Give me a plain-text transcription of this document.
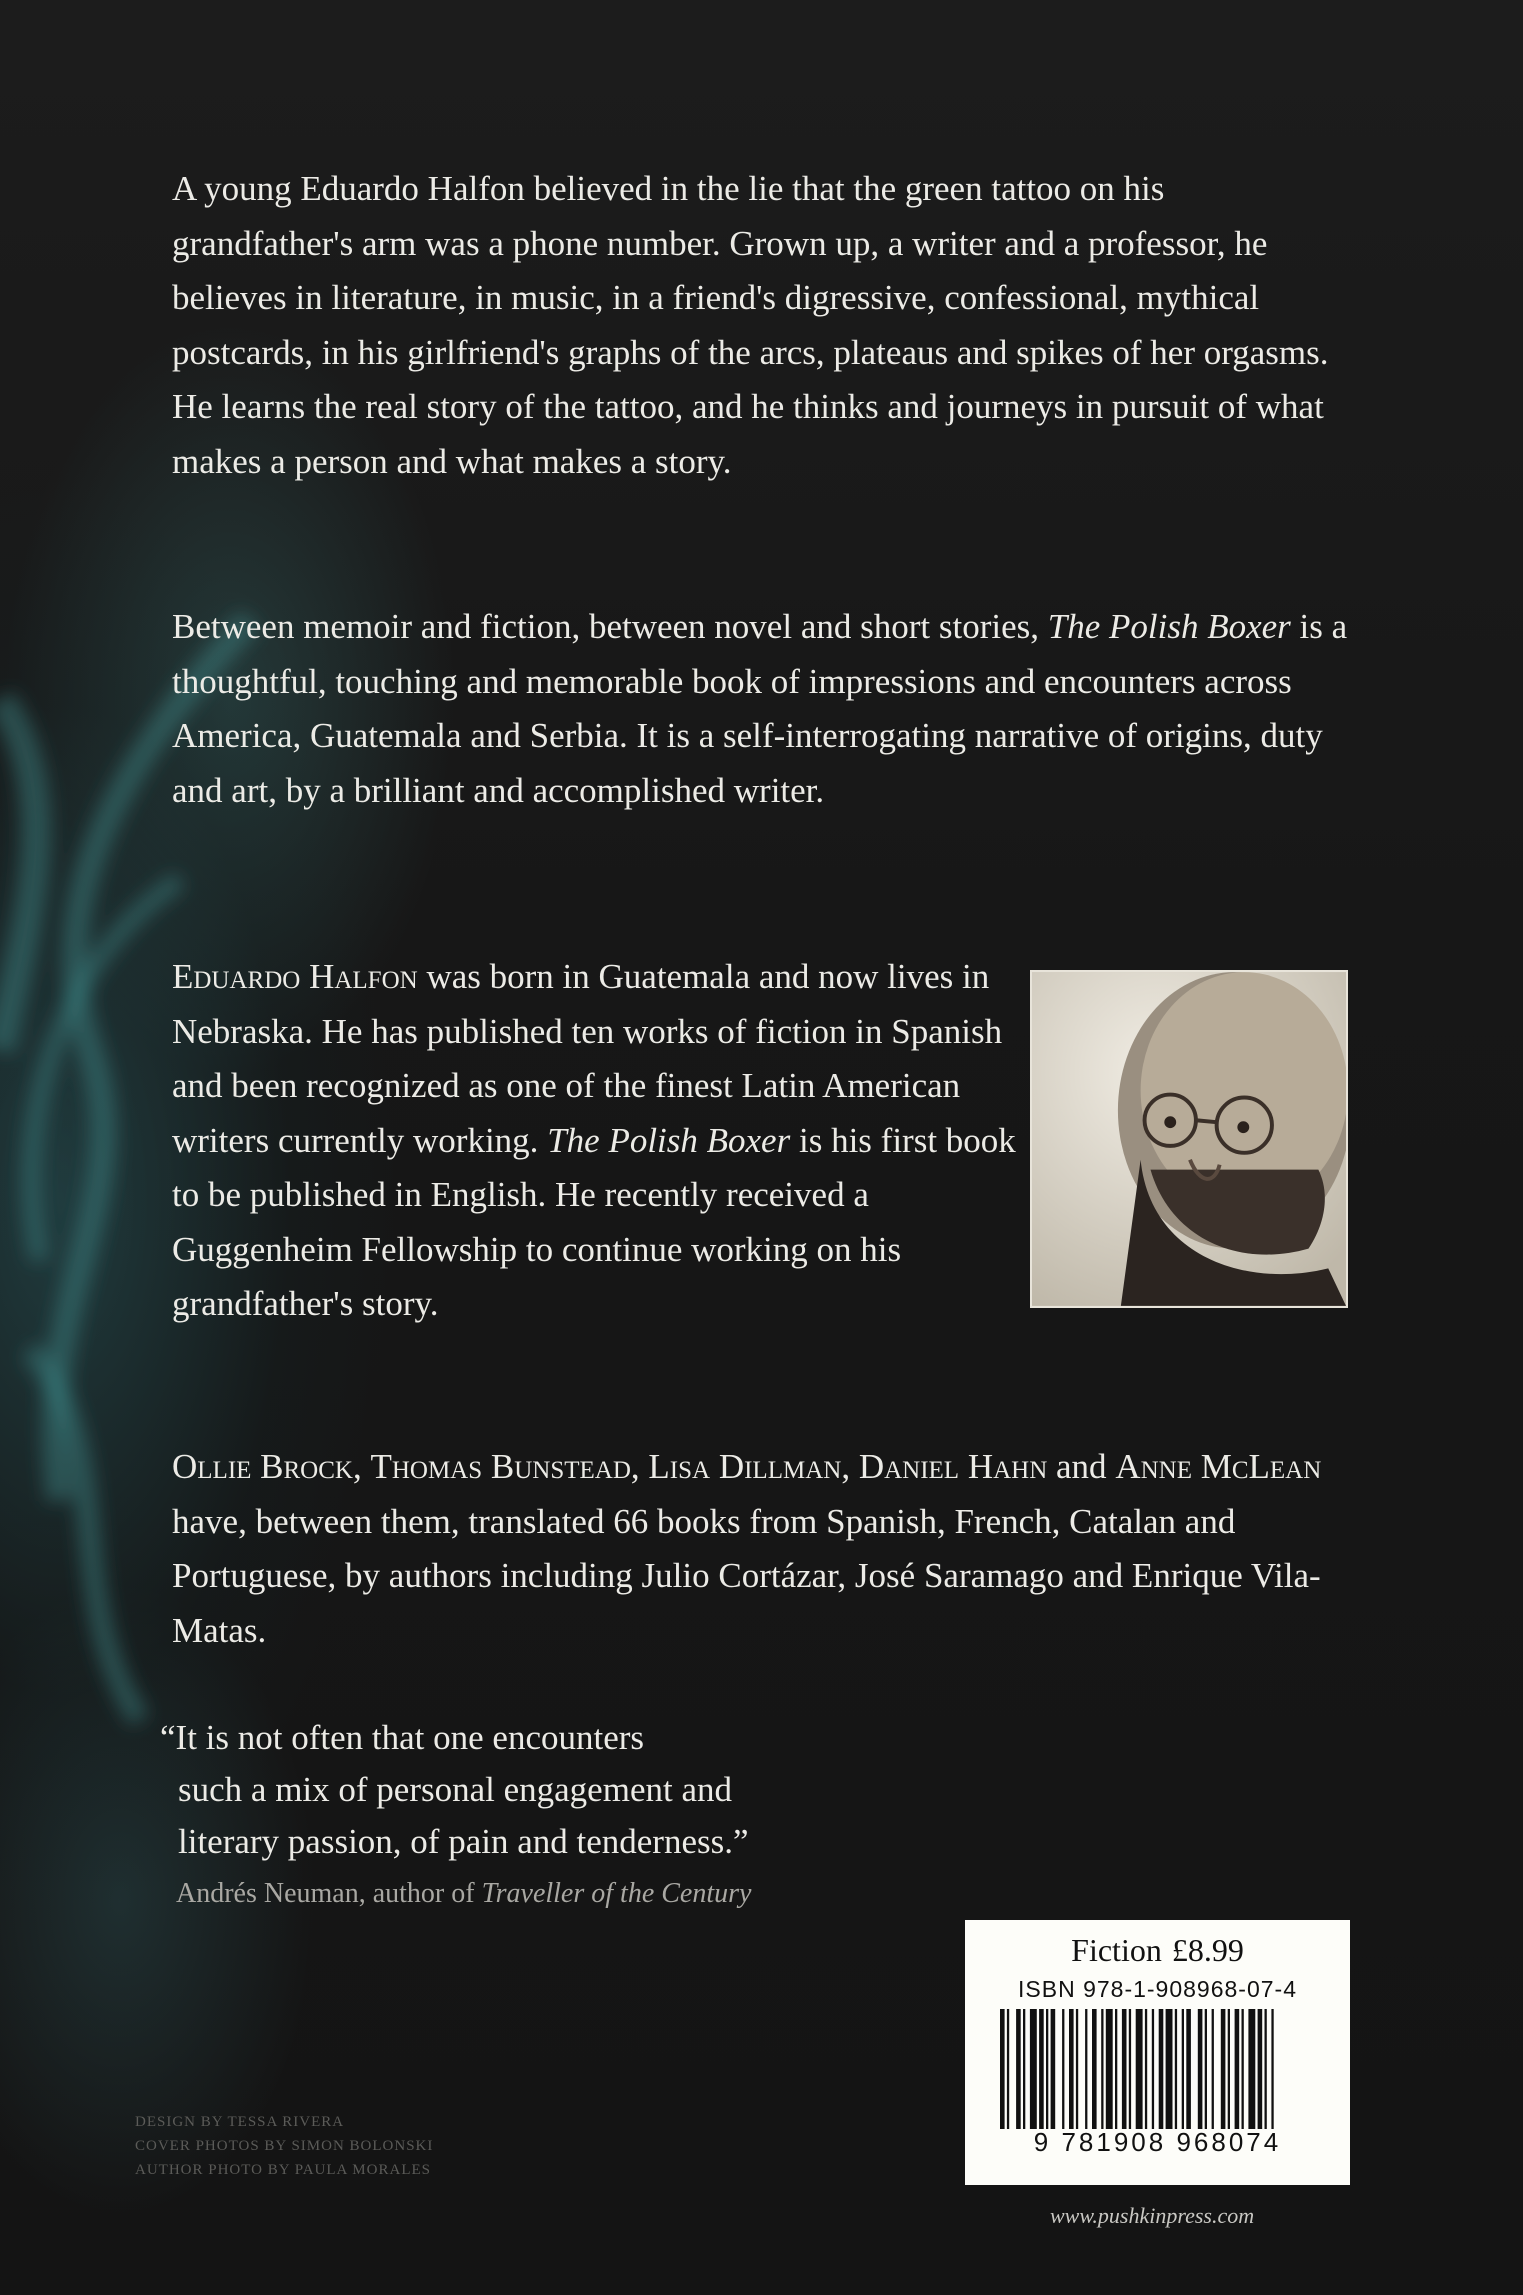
A young Eduardo Halfon believed in the lie that the green tattoo on his grandfather's arm was a phone number. Grown up, a writer and a professor, he believes in literature, in music, in a friend's digressive, confessional, mythical postcards, in his girlfriend's graphs of the arcs, plateaus and spikes of her orgasms. He learns the real story of the tattoo, and he thinks and journeys in pursuit of what makes a person and what makes a story.

Between memoir and fiction, between novel and short stories, The Polish Boxer is a thoughtful, touching and memorable book of impressions and encounters across America, Guatemala and Serbia. It is a self-interrogating narrative of origins, duty and art, by a brilliant and accomplished writer.

Eduardo Halfon was born in Guatemala and now lives in Nebraska. He has published ten works of fiction in Spanish and been recognized as one of the finest Latin American writers currently working. The Polish Boxer is his first book to be published in English. He recently received a Guggenheim Fellowship to continue working on his grandfather's story.

Ollie Brock, Thomas Bunstead, Lisa Dillman, Daniel Hahn and Anne McLean have, between them, translated 66 books from Spanish, French, Catalan and Portuguese, by authors including Julio Cortázar, José Saramago and Enrique Vila-Matas.

“It is not often that one encounters
such a mix of personal engagement and
literary passion, of pain and tenderness.”
Andrés Neuman, author of Traveller of the Century
Fiction £8.99
ISBN 978-1-908968-07-4
9 781908 968074
DESIGN BY TESSA RIVERA
COVER PHOTOS BY SIMON BOLONSKI
AUTHOR PHOTO BY PAULA MORALES
www.pushkinpress.com
